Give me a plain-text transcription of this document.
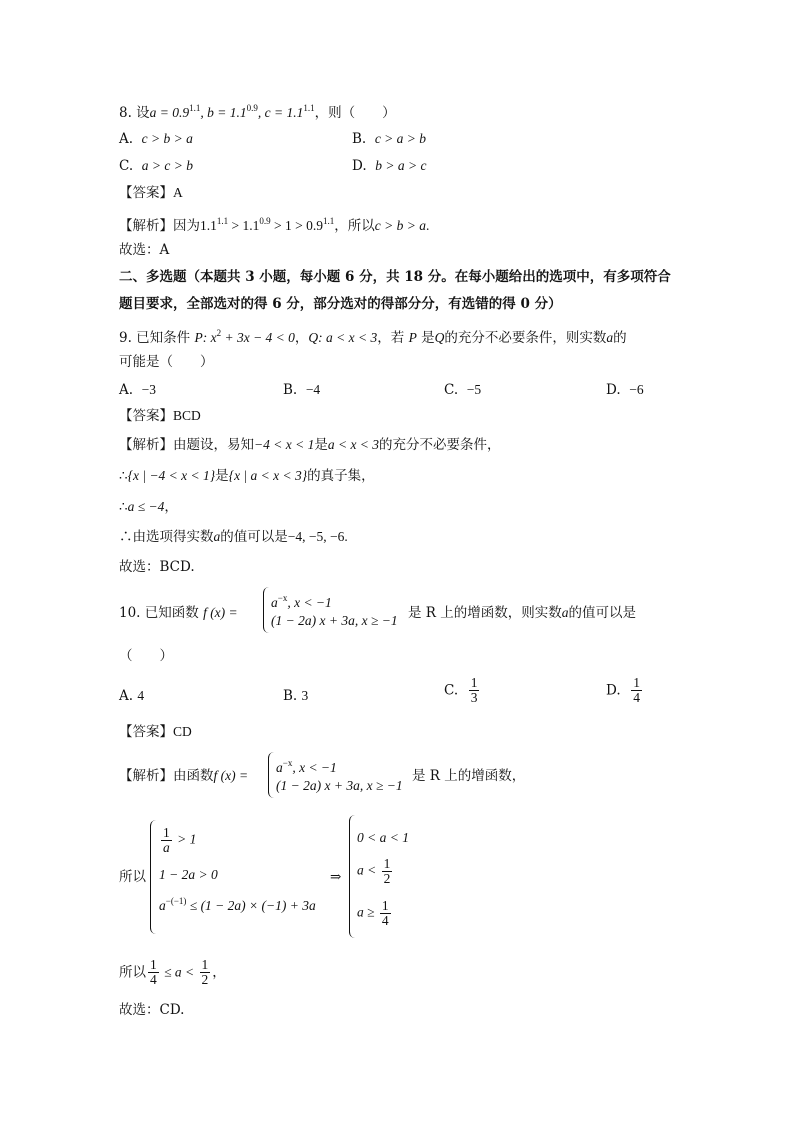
8. 设$a = 0.9^{1.1}$, $b = 1.1^{0.9}$, $c = 1.1^{1.1}$，则（　　）
A. c > b > a	B. c > a > b
C. a > c > b	D. b > a > c
【答案】A
【解析】因为$1.1^{1.1} > 1.1^{0.9} > 1 > 0.9^{1.1}$，所以c > b > a.
故选：A
二、多选题（本题共 3 小题，每小题 6 分，共 18 分。在每小题给出的选项中，有多项符合
题目要求，全部选对的得 6 分，部分选对的得部分分，有选错的得 0 分）
9. 已知条件 P: $x^2 + 3x - 4 < 0$，Q: a < x < 3，若 P 是Q的充分不必要条件，则实数a的
可能是（　　）
A. −3	B. −4	C. −5	D. −6
【答案】BCD
【解析】由题设，易知−4 < x < 1是a < x < 3的充分不必要条件，
∴{x | −4 < x < 1}是{x | a < x < 3}的真子集，
∴a ≤ −4，
∴由选项得实数a的值可以是−4, −5, −6.
故选：BCD.
10. 已知函数 f (x) =
$a^{-x}$, x < −1
(1 − 2a) x + 3a, x ≥ −1 是 R 上的增函数，则实数a的值可以是
（　　）
A. 4	B. 3	C. $\frac{1}{3}$	D. $\frac{1}{4}$
【答案】CD
【解析】由函数f (x) =
$a^{-x}$, x < −1
(1 − 2a) x + 3a, x ≥ −1
是 R 上的增函数，
所以
$\frac{1}{a} > 1$
1 − 2a > 0
$a^{-(-1)} \le (1 - 2a) \times (-1) + 3a$
⇒
0 < a < 1
$a < \frac{1}{2}$
$a \ge \frac{1}{4}$
所以 $\frac{1}{4} \le a < \frac{1}{2}$ ，
故选：CD.
